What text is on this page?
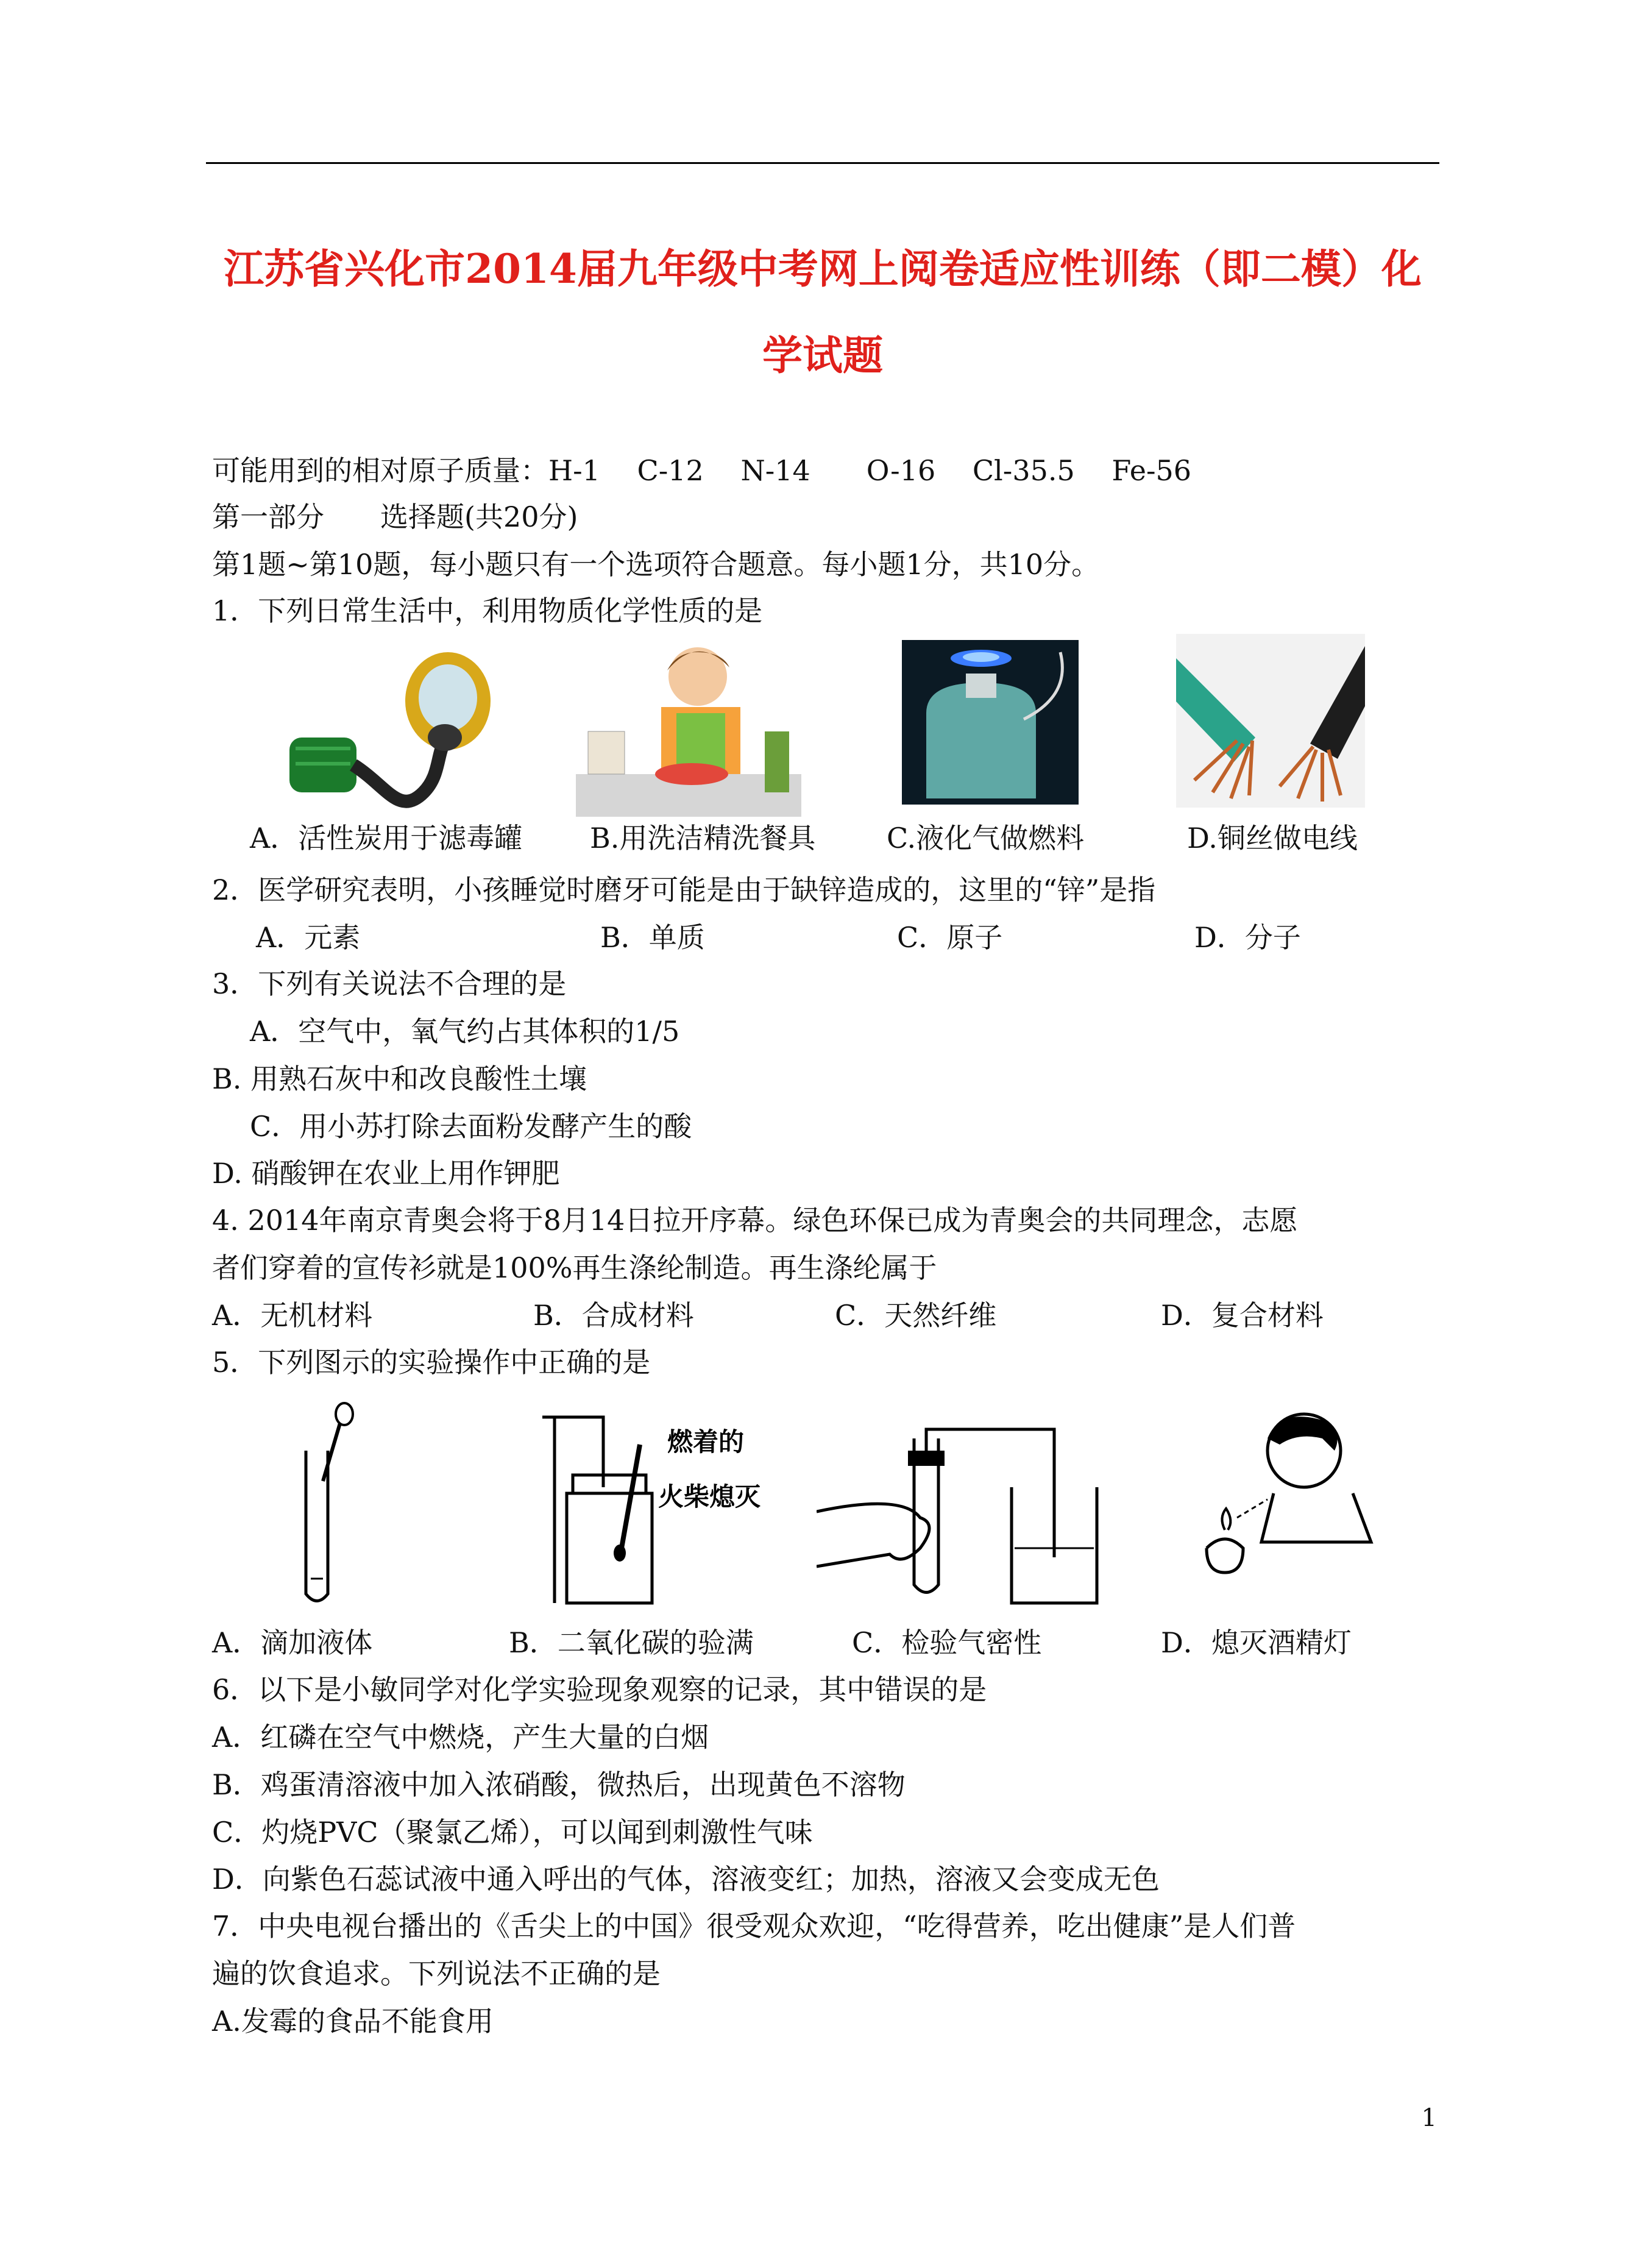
江苏省兴化市2014届九年级中考网上阅卷适应性训练（即二模）化
学试题
可能用到的相对原子质量：H-1　 C-12 　N-14　　O-16 　Cl-35.5 　Fe-56
第一部分　　选择题(共20分)
第1题~第10题，每小题只有一个选项符合题意。每小题1分，共10分。
1．下列日常生活中，利用物质化学性质的是
A．活性炭用于滤毒罐 B.用洗洁精洗餐具	C.液化气做燃料	D.铜丝做电线
2．医学研究表明，小孩睡觉时磨牙可能是由于缺锌造成的，这里的“锌”是指
A．元素	B．单质	C．原子	D．分子
3．下列有关说法不合理的是
A．空气中，氧气约占其体积的1/5
B. 用熟石灰中和改良酸性土壤
C．用小苏打除去面粉发酵产生的酸
D. 硝酸钾在农业上用作钾肥
4. 2014年南京青奥会将于8月14日拉开序幕。绿色环保已成为青奥会的共同理念，志愿
者们穿着的宣传衫就是100%再生涤纶制造。再生涤纶属于
A．无机材料	B．合成材料	C．天然纤维	D．复合材料
5．下列图示的实验操作中正确的是
燃着的
火柴熄灭
A．滴加液体	B．二氧化碳的验满	C．检验气密性	D．熄灭酒精灯
6．以下是小敏同学对化学实验现象观察的记录，其中错误的是
A．红磷在空气中燃烧，产生大量的白烟
B．鸡蛋清溶液中加入浓硝酸，微热后，出现黄色不溶物
C．灼烧PVC（聚氯乙烯），可以闻到刺激性气味
D．向紫色石蕊试液中通入呼出的气体，溶液变红；加热，溶液又会变成无色
7．中央电视台播出的《舌尖上的中国》很受观众欢迎，“吃得营养，吃出健康”是人们普
遍的饮食追求。下列说法不正确的是
A.发霉的食品不能食用
1
